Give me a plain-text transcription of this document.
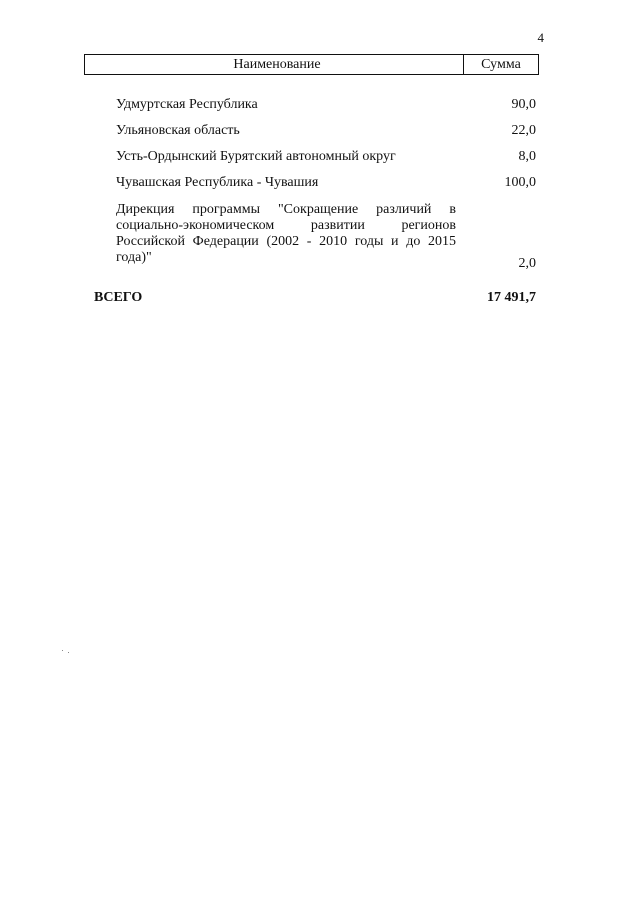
4
Наименование	Сумма
Удмуртская Республика	90,0
Ульяновская область	22,0
Усть-Ордынский Бурятский автономный округ	8,0
Чувашская Республика - Чувашия	100,0
Дирекция программы "Сокращение различий в социально-экономическом развитии регионов Российской Федерации (2002 - 2010 годы и до 2015 года)"	2,0
ВСЕГО	17 491,7
